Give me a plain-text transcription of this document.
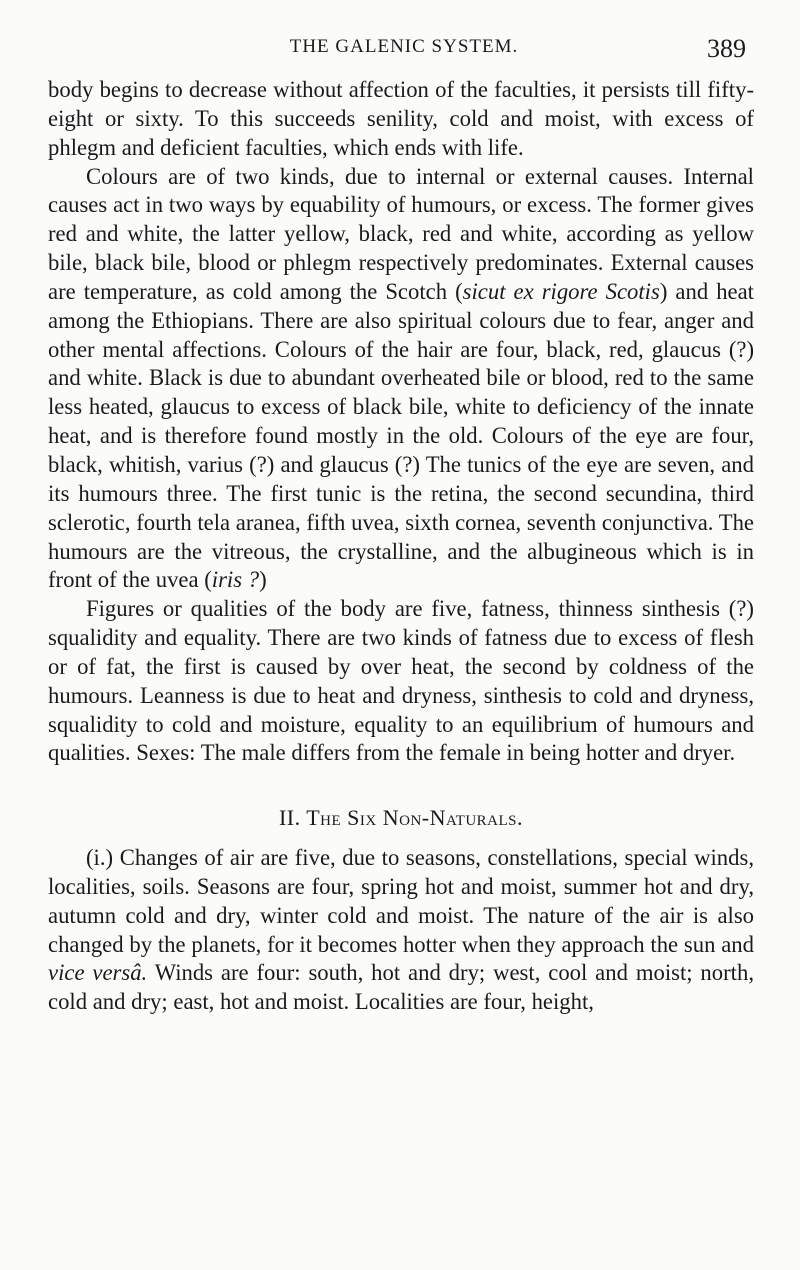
THE GALENIC SYSTEM.	389

body begins to decrease without affection of the faculties, it persists till fifty-eight or sixty. To this succeeds senility, cold and moist, with excess of phlegm and deficient faculties, which ends with life.

Colours are of two kinds, due to internal or external causes. Internal causes act in two ways by equability of humours, or excess. The former gives red and white, the latter yellow, black, red and white, according as yellow bile, black bile, blood or phlegm respectively predominates. External causes are temperature, as cold among the Scotch (sicut ex rigore Scotis) and heat among the Ethiopians. There are also spiritual colours due to fear, anger and other mental affections. Colours of the hair are four, black, red, glaucus (?) and white. Black is due to abundant overheated bile or blood, red to the same less heated, glaucus to excess of black bile, white to deficiency of the innate heat, and is therefore found mostly in the old. Colours of the eye are four, black, whitish, varius (?) and glaucus (?) The tunics of the eye are seven, and its humours three. The first tunic is the retina, the second secundina, third sclerotic, fourth tela aranea, fifth uvea, sixth cornea, seventh conjunctiva. The humours are the vitreous, the crystalline, and the albugineous which is in front of the uvea (iris ?)

Figures or qualities of the body are five, fatness, thinness sinthesis (?) squalidity and equality. There are two kinds of fatness due to excess of flesh or of fat, the first is caused by over heat, the second by coldness of the humours. Leanness is due to heat and dryness, sinthesis to cold and dryness, squalidity to cold and moisture, equality to an equilibrium of humours and qualities. Sexes: The male differs from the female in being hotter and dryer.

II. The Six Non-Naturals.

(i.) Changes of air are five, due to seasons, constellations, special winds, localities, soils. Seasons are four, spring hot and moist, summer hot and dry, autumn cold and dry, winter cold and moist. The nature of the air is also changed by the planets, for it becomes hotter when they approach the sun and vice versâ. Winds are four: south, hot and dry; west, cool and moist; north, cold and dry; east, hot and moist. Localities are four, height,
